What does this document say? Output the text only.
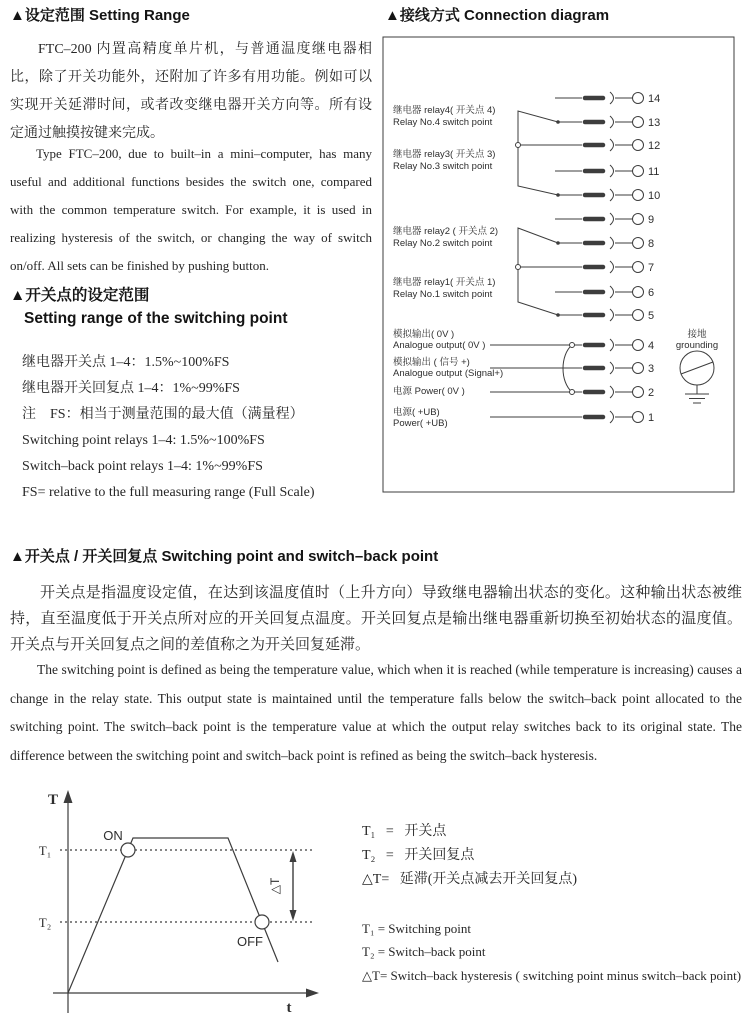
▲设定范围 Setting Range
FTC–200 内置高精度单片机，与普通温度继电器相比，除了开关功能外，还附加了许多有用功能。例如可以实现开关延滞时间，或者改变继电器开关方向等。所有设定通过触摸按键来完成。
Type FTC–200, due to built–in a mini–computer, has many useful and additional functions besides the switch one, compared with the common temperature switch. For example, it is used in realizing hysteresis of the switch, or changing the way of switch on/off. All sets can be finished by pushing button.
▲开关点的设定范围
Setting range of the switching point
继电器开关点 1–4：1.5%~100%FS
继电器开关回复点 1–4：1%~99%FS
注　FS：相当于测量范围的最大值（满量程）
Switching point relays 1–4: 1.5%~100%FS
Switch–back point relays 1–4: 1%~99%FS
FS= relative to the full measuring range (Full Scale)
▲接线方式 Connection diagram
14
13
12
11
10
9
8
7
6
5
4
3
2
1
继电器 relay4( 开关点 4)
Relay No.4 switch point
继电器 relay3( 开关点 3)
Relay No.3 switch point
继电器 relay2 ( 开关点 2)
Relay No.2 switch point
继电器 relay1( 开关点 1)
Relay No.1 switch point
模拟输出( 0V )
Analogue output( 0V )
模拟输出 ( 信号 +)
Analogue output (Signal+)
电源 Power( 0V )
电源( +UB)
Power( +UB)
接地
grounding
▲开关点 / 开关回复点 Switching point and switch–back point
开关点是指温度设定值，在达到该温度值时（上升方向）导致继电器输出状态的变化。这种输出状态被维持，直至温度低于开关点所对应的开关回复点温度。开关回复点是输出继电器重新切换至初始状态的温度值。开关点与开关回复点之间的差值称之为开关回复延滞。
The switching point is defined as being the temperature value, which when it is reached (while temperature is increasing) causes a change in the relay state. This output state is maintained until the temperature falls below the switch–back point allocated to the switching point. The switch–back point is the temperature value at which the output relay switches back to its original state. The difference between the switching point and switch–back point is refined as being the switch–back hysteresis.
T
t
T₁
T₂
ON
OFF
△T
T₁   =   开关点
T₂   =   开关回复点
△T=   延滞(开关点减去开关回复点)
T₁ = Switching point
T₂ = Switch–back point
△T= Switch–back hysteresis ( switching point minus switch–back point)
